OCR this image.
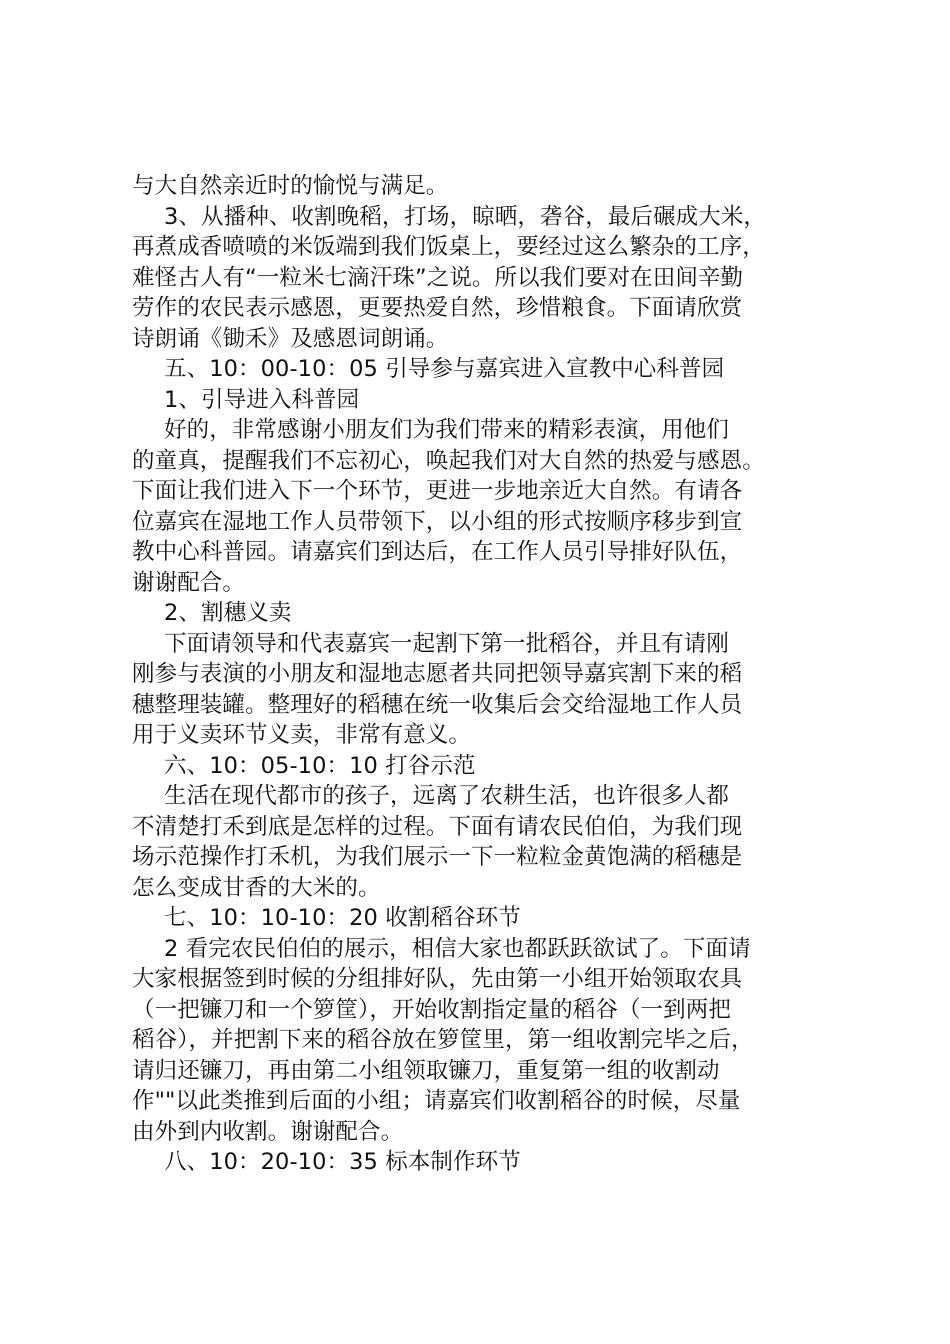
与大自然亲近时的愉悦与满足。
3、从播种、收割晚稻，打场，晾晒，砻谷，最后碾成大米，
再煮成香喷喷的米饭端到我们饭桌上，要经过这么繁杂的工序，
难怪古人有“一粒米七滴汗珠”之说。所以我们要对在田间辛勤
劳作的农民表示感恩，更要热爱自然，珍惜粮食。下面请欣赏
诗朗诵《锄禾》及感恩词朗诵。
五、10：00-10：05 引导参与嘉宾进入宣教中心科普园
1、引导进入科普园
好的，非常感谢小朋友们为我们带来的精彩表演，用他们
的童真，提醒我们不忘初心，唤起我们对大自然的热爱与感恩。
下面让我们进入下一个环节，更进一步地亲近大自然。有请各
位嘉宾在湿地工作人员带领下，以小组的形式按顺序移步到宣
教中心科普园。请嘉宾们到达后，在工作人员引导排好队伍，
谢谢配合。
2、割穗义卖
下面请领导和代表嘉宾一起割下第一批稻谷，并且有请刚
刚参与表演的小朋友和湿地志愿者共同把领导嘉宾割下来的稻
穗整理装罐。整理好的稻穗在统一收集后会交给湿地工作人员
用于义卖环节义卖，非常有意义。
六、10：05-10：10 打谷示范
生活在现代都市的孩子，远离了农耕生活，也许很多人都
不清楚打禾到底是怎样的过程。下面有请农民伯伯，为我们现
场示范操作打禾机，为我们展示一下一粒粒金黄饱满的稻穗是
怎么变成甘香的大米的。
七、10：10-10：20 收割稻谷环节
2 看完农民伯伯的展示，相信大家也都跃跃欲试了。下面请
大家根据签到时候的分组排好队，先由第一小组开始领取农具
（一把镰刀和一个箩筐），开始收割指定量的稻谷（一到两把
稻谷），并把割下来的稻谷放在箩筐里，第一组收割完毕之后，
请归还镰刀，再由第二小组领取镰刀，重复第一组的收割动
作""以此类推到后面的小组；请嘉宾们收割稻谷的时候，尽量
由外到内收割。谢谢配合。
八、10：20-10：35 标本制作环节
